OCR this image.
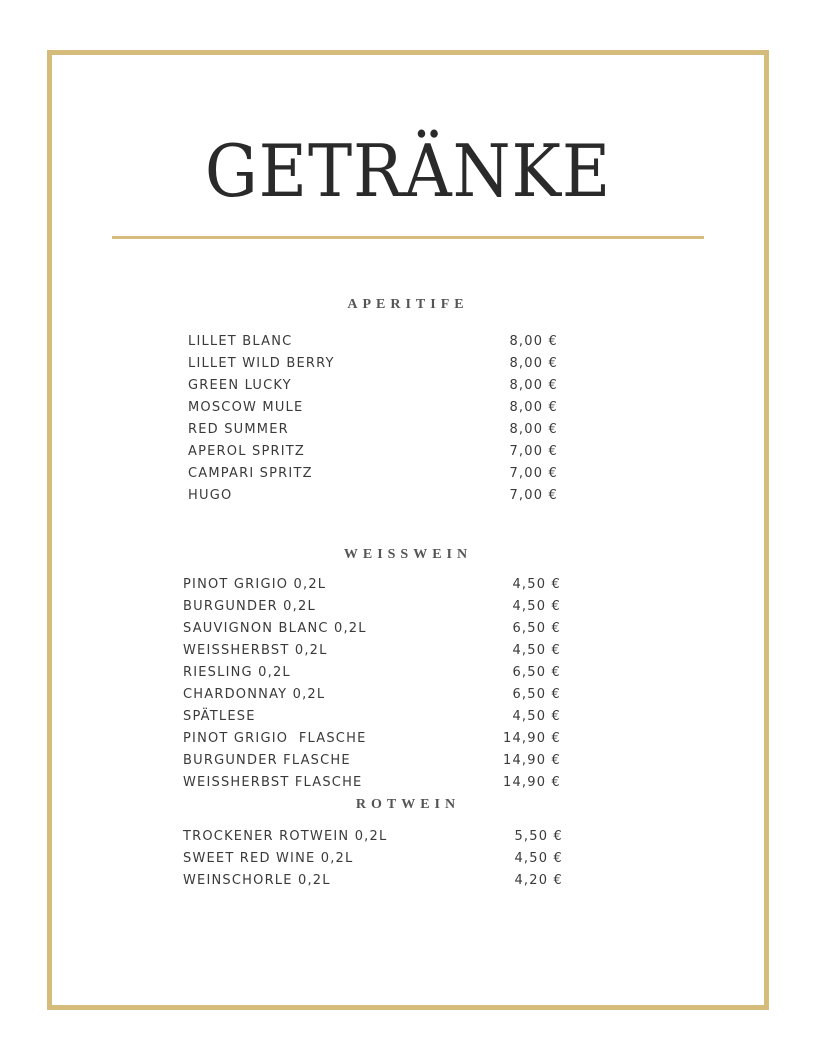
GETRÄNKE
APERITIFE
LILLET BLANC	8,00 €
LILLET WILD BERRY	8,00 €
GREEN LUCKY	8,00 €
MOSCOW MULE	8,00 €
RED SUMMER	8,00 €
APEROL SPRITZ	7,00 €
CAMPARI SPRITZ	7,00 €
HUGO	7,00 €
WEISSWEIN
PINOT GRIGIO 0,2L	4,50 €
BURGUNDER 0,2L	4,50 €
SAUVIGNON BLANC 0,2L	6,50 €
WEISSHERBST 0,2L	4,50 €
RIESLING 0,2L	6,50 €
CHARDONNAY 0,2L	6,50 €
SPÄTLESE	4,50 €
PINOT GRIGIO  FLASCHE	14,90 €
BURGUNDER FLASCHE	14,90 €
WEISSHERBST FLASCHE	14,90 €
ROTWEIN
TROCKENER ROTWEIN 0,2L	5,50 €
SWEET RED WINE 0,2L	4,50 €
WEINSCHORLE 0,2L	4,20 €
